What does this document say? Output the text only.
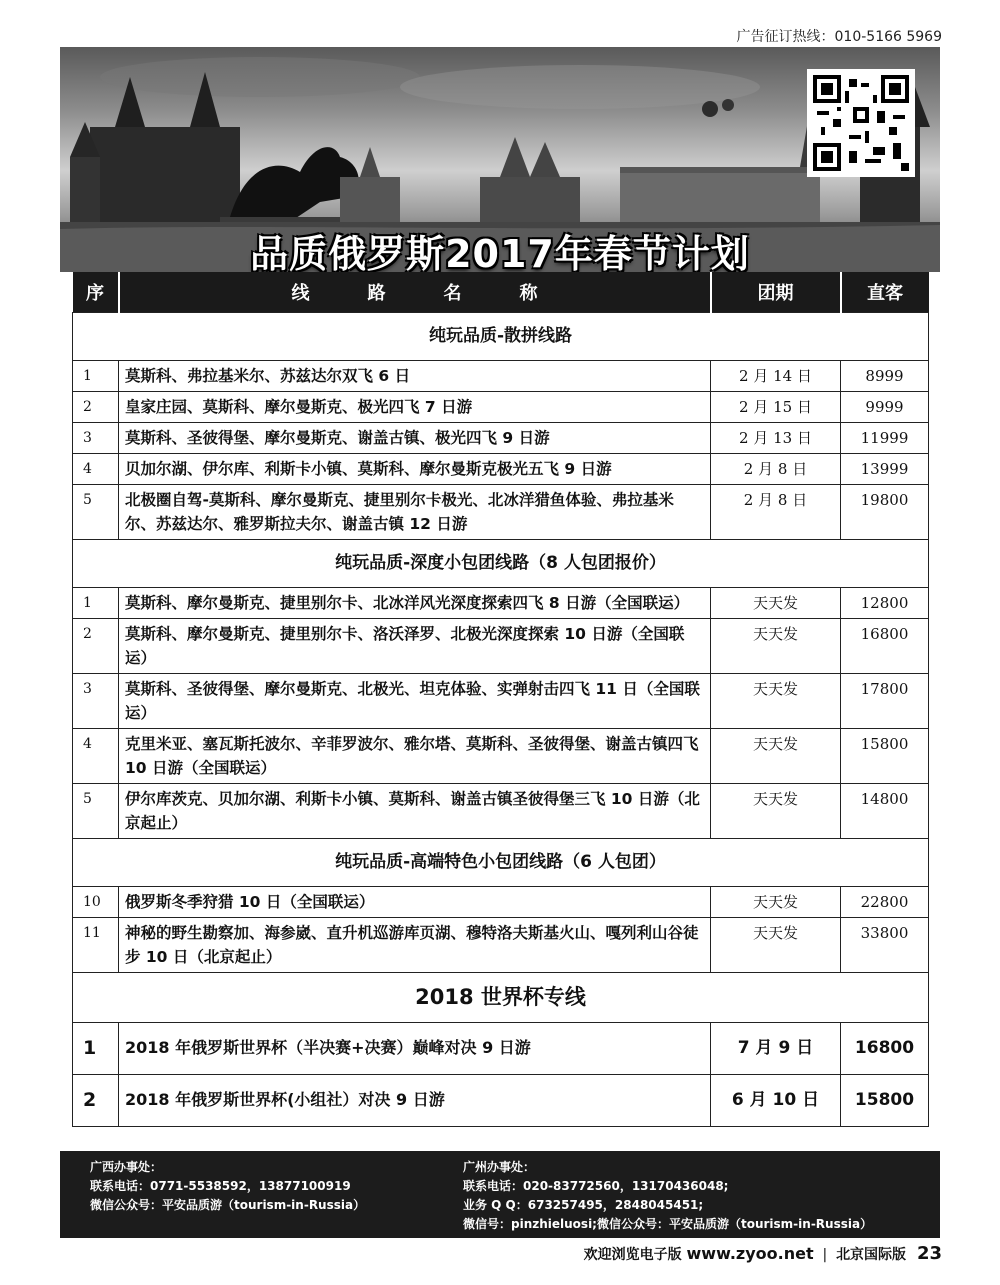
广告征订热线：010-5166 5969
品质俄罗斯2017年春节计划
序	线路名称	团期	直客
纯玩品质-散拼线路			
1	莫斯科、弗拉基米尔、苏兹达尔双飞 6 日	2 月 14 日	8999
2	皇家庄园、莫斯科、摩尔曼斯克、极光四飞 7 日游	2 月 15 日	9999
3	莫斯科、圣彼得堡、摩尔曼斯克、谢盖古镇、极光四飞 9 日游	2 月 13 日	11999
4	贝加尔湖、伊尔库、利斯卡小镇、莫斯科、摩尔曼斯克极光五飞 9 日游	2 月 8 日	13999
5	北极圈自驾-莫斯科、摩尔曼斯克、捷里别尔卡极光、北冰洋猎鱼体验、弗拉基米尔、苏兹达尔、雅罗斯拉夫尔、谢盖古镇 12 日游	2 月 8 日	19800
纯玩品质-深度小包团线路（8 人包团报价）			
1	莫斯科、摩尔曼斯克、捷里别尔卡、北冰洋风光深度探索四飞 8 日游（全国联运）	天天发	12800
2	莫斯科、摩尔曼斯克、捷里别尔卡、洛沃泽罗、北极光深度探索 10 日游（全国联运）	天天发	16800
3	莫斯科、圣彼得堡、摩尔曼斯克、北极光、坦克体验、实弹射击四飞 11 日（全国联运）	天天发	17800
4	克里米亚、塞瓦斯托波尔、辛菲罗波尔、雅尔塔、莫斯科、圣彼得堡、谢盖古镇四飞 10 日游（全国联运）	天天发	15800
5	伊尔库茨克、贝加尔湖、利斯卡小镇、莫斯科、谢盖古镇圣彼得堡三飞 10 日游（北京起止）	天天发	14800
纯玩品质-高端特色小包团线路（6 人包团）			
10	俄罗斯冬季狩猎 10 日（全国联运）	天天发	22800
11	神秘的野生勘察加、海参崴、直升机巡游库页湖、穆特洛夫斯基火山、嘎列利山谷徒步 10 日（北京起止）	天天发	33800
2018 世界杯专线			
1	2018 年俄罗斯世界杯（半决赛+决赛）巅峰对决 9 日游	7 月 9 日	16800
2	2018 年俄罗斯世界杯(小组社）对决 9 日游	6 月 10 日	15800
广西办事处：
联系电话：0771-5538592，13877100919
微信公众号：平安品质游（tourism-in-Russia）
广州办事处：
联系电话：020-83772560，13170436048;
业务 Q Q：673257495，2848045451;
微信号：pinzhieluosi;微信公众号：平安品质游（tourism-in-Russia）
欢迎浏览电子版 www.zyoo.net | 北京国际版 23
